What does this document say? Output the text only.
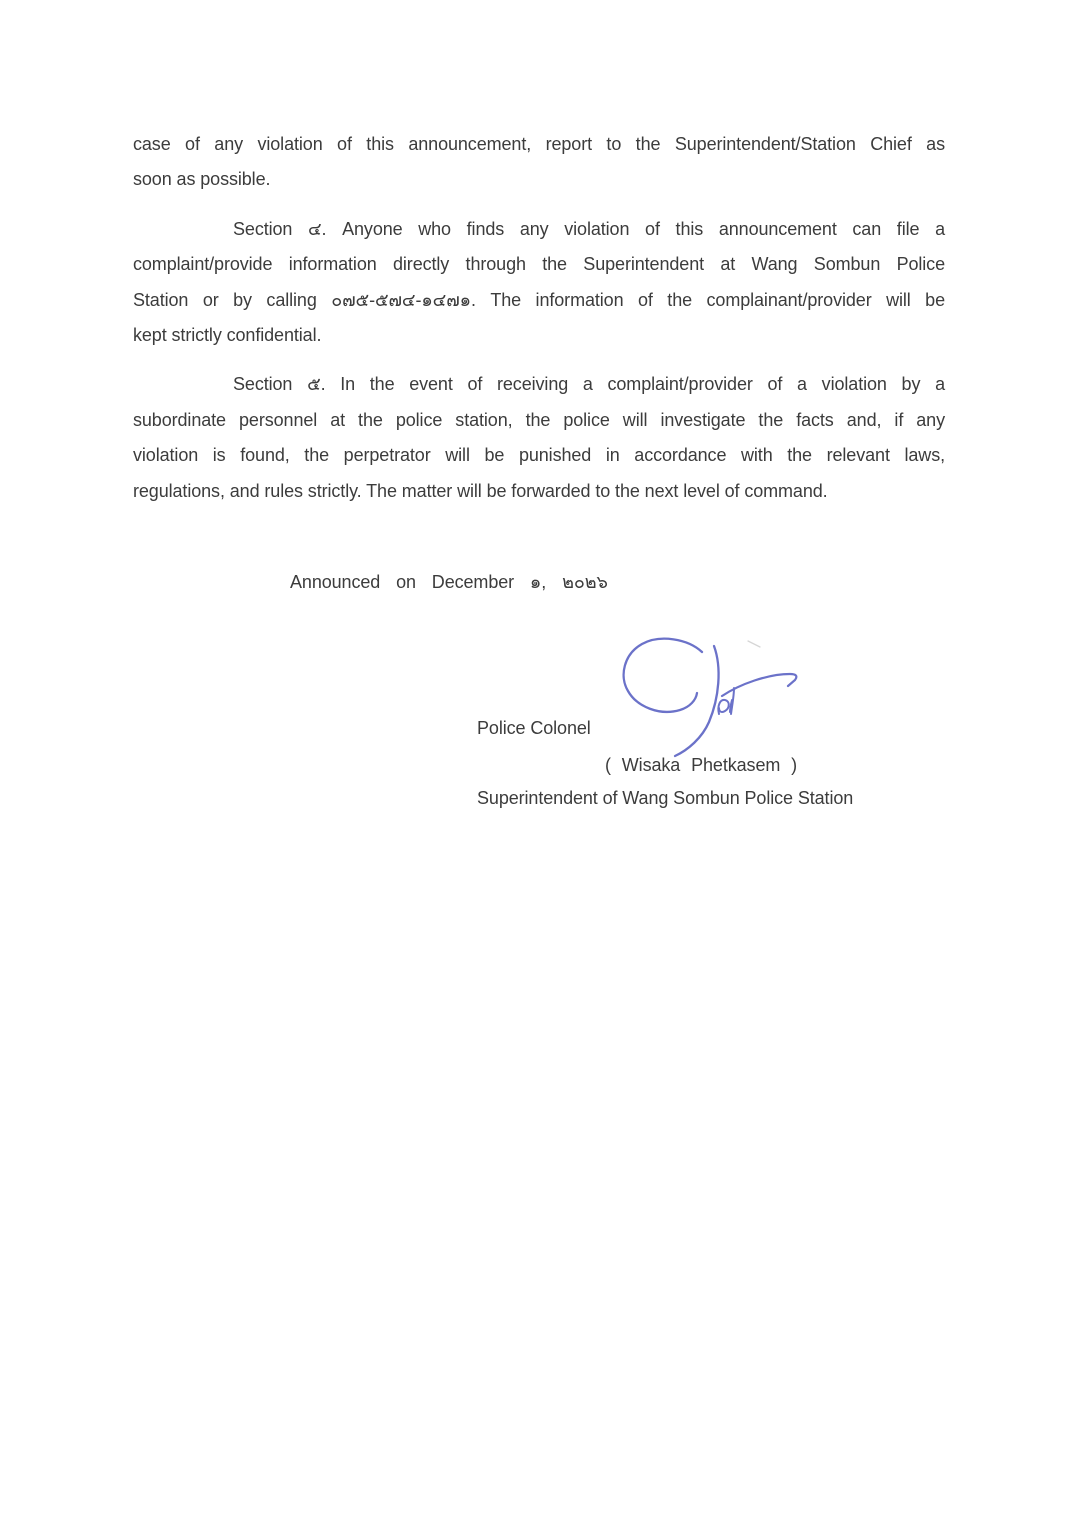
case of any violation of this announcement, report to the Superintendent/Station Chief as
soon as possible.
Section ๔. Anyone who finds any violation of this announcement can file a
complaint/provide information directly through the Superintendent at Wang Sombun Police
Station or by calling ๐๗๕-๕๗๔-๑๔๗๑. The information of the complainant/provider will be
kept strictly confidential.
Section ๕. In the event of receiving a complaint/provider of a violation by a
subordinate personnel at the police station, the police will investigate the facts and, if any
violation is found, the perpetrator will be punished in accordance with the relevant laws,
regulations, and rules strictly. The matter will be forwarded to the next level of command.
Announced on December ๑, ๒๐๒๖
Police Colonel
( Wisaka Phetkasem )
Superintendent of Wang Sombun Police Station
